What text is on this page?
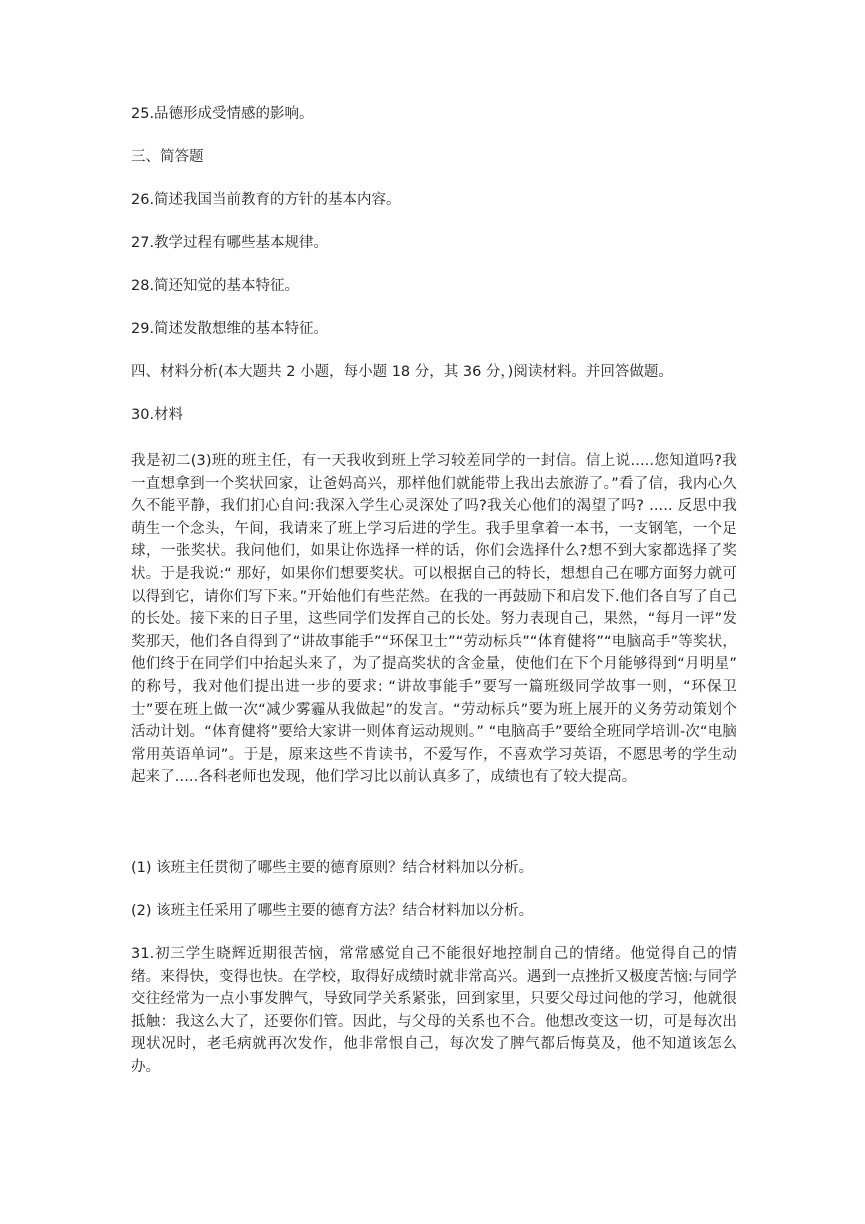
25.品德形成受情感的影响。
三、简答题
26.简述我国当前教育的方针的基本内容。
27.教学过程有哪些基本规律。
28.简还知觉的基本特征。
29.简述发散想维的基本特征。
四、材料分析(本大题共 2 小题，每小题 18 分，其 36 分，)阅读材料。并回答做题。
30.材料
我是初二(3)班的班主任，有一天我收到班上学习较差同学的一封信。信上说.....您知道吗?我一直想拿到一个奖状回家，让爸妈高兴，那样他们就能带上我出去旅游了。”看了信，我内心久久不能平静，我们扪心自问:我深入学生心灵深处了吗?我关心他们的渴望了吗? ..... 反思中我萌生一个念头，午间，我请来了班上学习后进的学生。我手里拿着一本书，一支钢笔，一个足球，一张奖状。我问他们，如果让你选择一样的话，你们会选择什么?想不到大家都选择了奖状。于是我说:“ 那好，如果你们想要奖状。可以根据自己的特长，想想自己在哪方面努力就可以得到它，请你们写下来。”开始他们有些茫然。在我的一再鼓励下和启发下.他们各自写了自己的长处。接下来的日子里，这些同学们发挥自己的长处。努力表现自己，果然，“每月一评”发奖那天，他们各自得到了“讲故事能手”“环保卫士”“劳动标兵”“体育健将”“电脑高手”等奖状，他们终于在同学们中抬起头来了，为了提高奖状的含金量，使他们在下个月能够得到“月明星” 的称号，我对他们提出进一步的要求: “讲故事能手”要写一篇班级同学故事一则，“环保卫士”要在班上做一次“减少雾霾从我做起”的发言。“劳动标兵”要为班上展开的义务劳动策划个活动计划。“体育健将”要给大家讲一则体育运动规则。” “电脑高手”要给全班同学培训-次“电脑常用英语单词”。于是，原来这些不肯读书，不爱写作，不喜欢学习英语，不愿思考的学生动起来了.....各科老师也发现，他们学习比以前认真多了，成绩也有了较大提高。
(1) 该班主任贯彻了哪些主要的德育原则？结合材料加以分析。
(2) 该班主任采用了哪些主要的德育方法？结合材料加以分析。
31.初三学生晓辉近期很苦恼，常常感觉自己不能很好地控制自己的情绪。他觉得自己的情绪。来得快，变得也快。在学校，取得好成绩时就非常高兴。遇到一点挫折又极度苦恼:与同学交往经常为一点小事发脾气，导致同学关系紧张，回到家里，只要父母过问他的学习，他就很抵触：我这么大了，还要你们管。因此，与父母的关系也不合。他想改变这一切，可是每次出现状况时，老毛病就再次发作，他非常恨自己，每次发了脾气都后悔莫及，他不知道该怎么办。
